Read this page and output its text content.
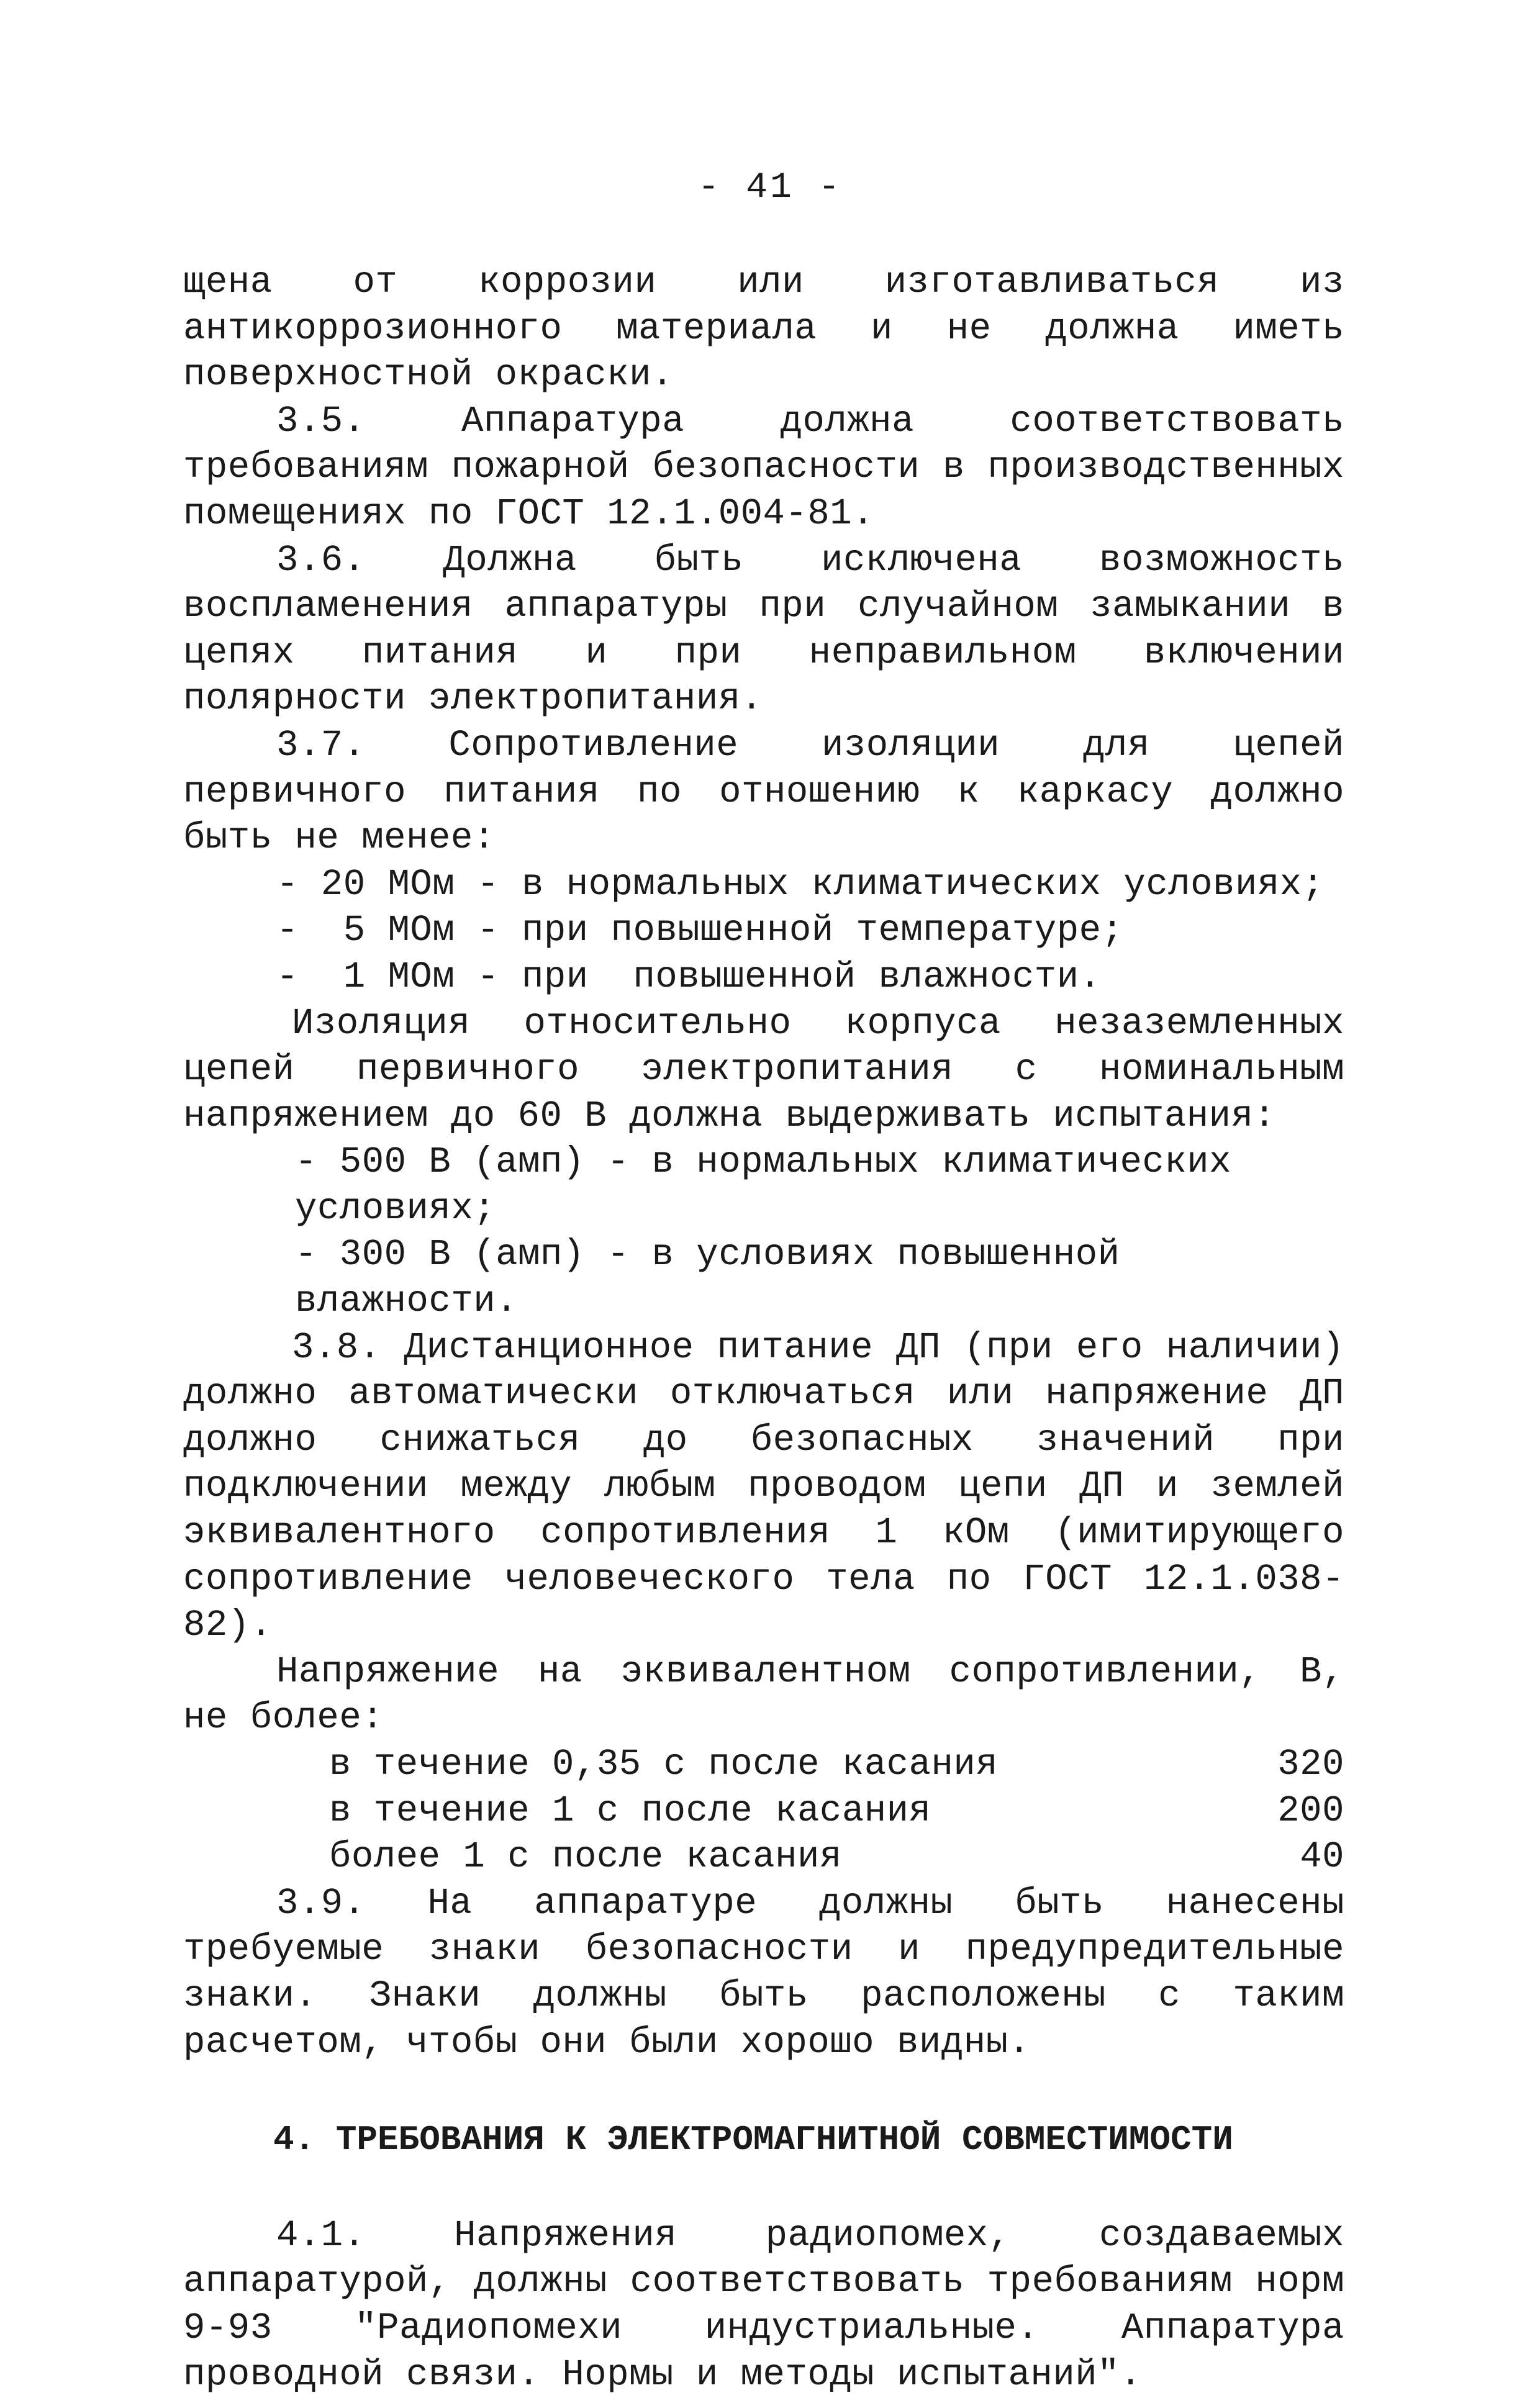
- 41 -

щена от коррозии или изготавливаться из антикоррозионного материала и не должна иметь поверхностной окраски.

3.5. Аппаратура должна соответствовать требованиям пожарной безопасности в производственных помещениях по ГОСТ 12.1.004-81.

3.6. Должна быть исключена возможность воспламенения аппаратуры при случайном замыкании в цепях питания и при неправильном включении полярности электропитания.

3.7. Сопротивление изоляции для цепей первичного питания по отношению к каркасу должно быть не менее:

- 20 МОм - в нормальных климатических условиях;
-  5 МОм - при повышенной температуре;
-  1 МОм - при  повышенной влажности.

Изоляция относительно корпуса незаземленных цепей первичного электропитания с номинальным напряжением до 60 В должна выдерживать испытания:

- 500 В (амп) - в нормальных климатических условиях;
- 300 В (амп) - в условиях повышенной влажности.

3.8. Дистанционное питание ДП (при его наличии) должно автоматически отключаться или напряжение ДП должно снижаться до безопасных значений при подключении между любым проводом цепи ДП и землей эквивалентного сопротивления 1 кОм (имитирующего сопротивление человеческого тела по ГОСТ 12.1.038-82).

Напряжение на эквивалентном сопротивлении, В, не более:

в течение 0,35 с после касания	320
в течение 1 с после касания	200
более 1 с после касания	40

3.9. На аппаратуре должны быть нанесены требуемые знаки безопасности и предупредительные знаки. Знаки должны быть расположены с таким расчетом, чтобы они были хорошо видны.

4. ТРЕБОВАНИЯ К ЭЛЕКТРОМАГНИТНОЙ СОВМЕСТИМОСТИ

4.1. Напряжения радиопомех, создаваемых аппаратурой, должны соответствовать требованиям норм 9-93 "Радиопомехи индустриальные. Аппаратура проводной связи. Нормы и методы испытаний".
